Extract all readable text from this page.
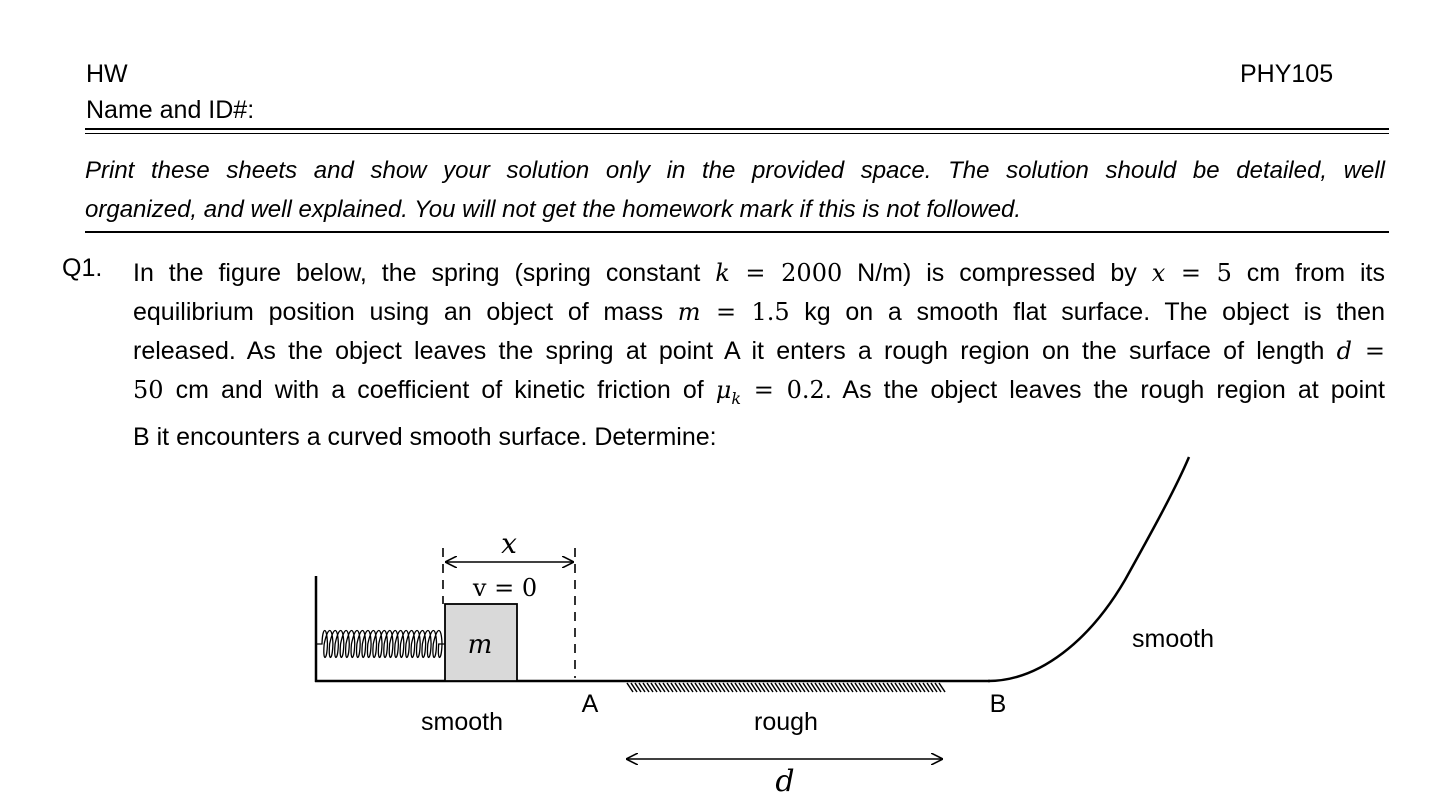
HW
Name and ID#:
PHY105
Print these sheets and show your solution only in the provided space. The solution should be detailed, well
organized, and well explained. You will not get the homework mark if this is not followed.
Q1. In the figure below, the spring (spring constant k = 2000 N/m) is compressed by x = 5 cm from its
equilibrium position using an object of mass m = 1.5 kg on a smooth flat surface. The object is then
released. As the object leaves the spring at point A it enters a rough region on the surface of length d =
50 cm and with a coefficient of kinetic friction of $\mu_k = 0.2$. As the object leaves the rough region at point
B it encounters a curved smooth surface. Determine:
m
x
v = 0
A	B
smooth	rough
smooth
d
